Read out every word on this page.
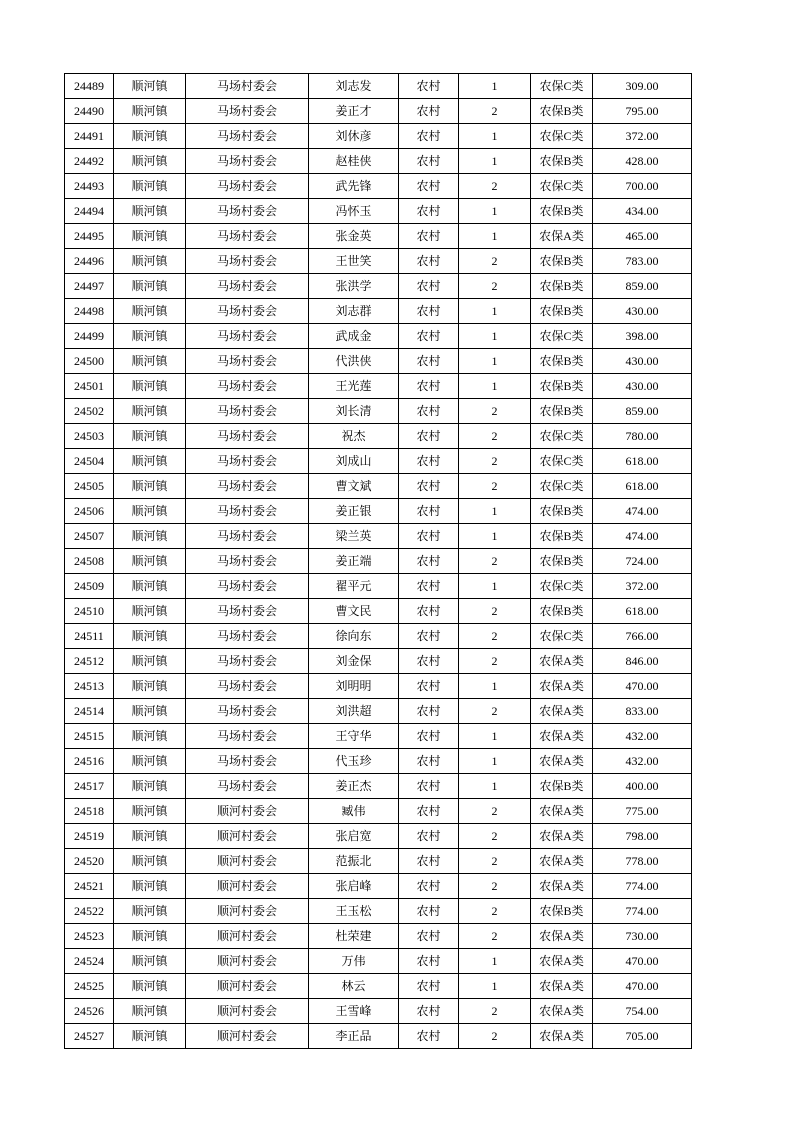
24489	顺河镇	马场村委会	刘志发	农村	1	农保C类	309.00
24490	顺河镇	马场村委会	姜正才	农村	2	农保B类	795.00
24491	顺河镇	马场村委会	刘休彦	农村	1	农保C类	372.00
24492	顺河镇	马场村委会	赵桂侠	农村	1	农保B类	428.00
24493	顺河镇	马场村委会	武先锋	农村	2	农保C类	700.00
24494	顺河镇	马场村委会	冯怀玉	农村	1	农保B类	434.00
24495	顺河镇	马场村委会	张金英	农村	1	农保A类	465.00
24496	顺河镇	马场村委会	王世笑	农村	2	农保B类	783.00
24497	顺河镇	马场村委会	张洪学	农村	2	农保B类	859.00
24498	顺河镇	马场村委会	刘志群	农村	1	农保B类	430.00
24499	顺河镇	马场村委会	武成金	农村	1	农保C类	398.00
24500	顺河镇	马场村委会	代洪侠	农村	1	农保B类	430.00
24501	顺河镇	马场村委会	王光莲	农村	1	农保B类	430.00
24502	顺河镇	马场村委会	刘长清	农村	2	农保B类	859.00
24503	顺河镇	马场村委会	祝杰	农村	2	农保C类	780.00
24504	顺河镇	马场村委会	刘成山	农村	2	农保C类	618.00
24505	顺河镇	马场村委会	曹文斌	农村	2	农保C类	618.00
24506	顺河镇	马场村委会	姜正银	农村	1	农保B类	474.00
24507	顺河镇	马场村委会	梁兰英	农村	1	农保B类	474.00
24508	顺河镇	马场村委会	姜正端	农村	2	农保B类	724.00
24509	顺河镇	马场村委会	翟平元	农村	1	农保C类	372.00
24510	顺河镇	马场村委会	曹文民	农村	2	农保B类	618.00
24511	顺河镇	马场村委会	徐向东	农村	2	农保C类	766.00
24512	顺河镇	马场村委会	刘金保	农村	2	农保A类	846.00
24513	顺河镇	马场村委会	刘明明	农村	1	农保A类	470.00
24514	顺河镇	马场村委会	刘洪超	农村	2	农保A类	833.00
24515	顺河镇	马场村委会	王守华	农村	1	农保A类	432.00
24516	顺河镇	马场村委会	代玉珍	农村	1	农保A类	432.00
24517	顺河镇	马场村委会	姜正杰	农村	1	农保B类	400.00
24518	顺河镇	顺河村委会	臧伟	农村	2	农保A类	775.00
24519	顺河镇	顺河村委会	张启宽	农村	2	农保A类	798.00
24520	顺河镇	顺河村委会	范振北	农村	2	农保A类	778.00
24521	顺河镇	顺河村委会	张启峰	农村	2	农保A类	774.00
24522	顺河镇	顺河村委会	王玉松	农村	2	农保B类	774.00
24523	顺河镇	顺河村委会	杜荣建	农村	2	农保A类	730.00
24524	顺河镇	顺河村委会	万伟	农村	1	农保A类	470.00
24525	顺河镇	顺河村委会	林云	农村	1	农保A类	470.00
24526	顺河镇	顺河村委会	王雪峰	农村	2	农保A类	754.00
24527	顺河镇	顺河村委会	李正品	农村	2	农保A类	705.00
